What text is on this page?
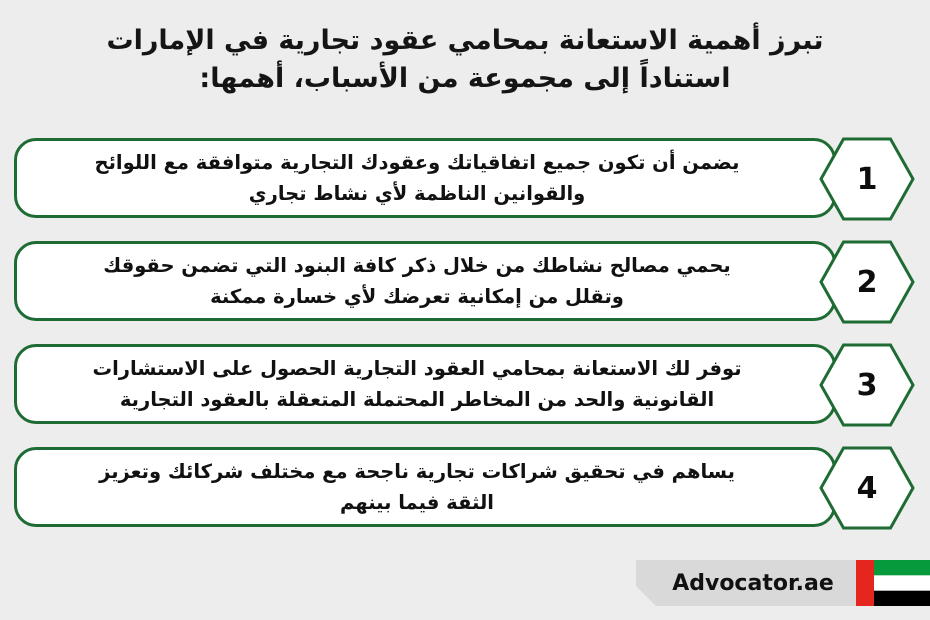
تبرز أهمية الاستعانة بمحامي عقود تجارية في الإمارات
استناداً إلى مجموعة من الأسباب، أهمها:
يضمن أن تكون جميع اتفاقياتك وعقودك التجارية متوافقة مع اللوائح
والقوانين الناظمة لأي نشاط تجاري	1
يحمي مصالح نشاطك من خلال ذكر كافة البنود التي تضمن حقوقك
وتقلل من إمكانية تعرضك لأي خسارة ممكنة	2
توفر لك الاستعانة بمحامي العقود التجارية الحصول على الاستشارات
القانونية والحد من المخاطر المحتملة المتعقلة بالعقود التجارية	3
يساهم في تحقيق شراكات تجارية ناجحة مع مختلف شركائك وتعزيز
الثقة فيما بينهم	4
Advocator.ae
